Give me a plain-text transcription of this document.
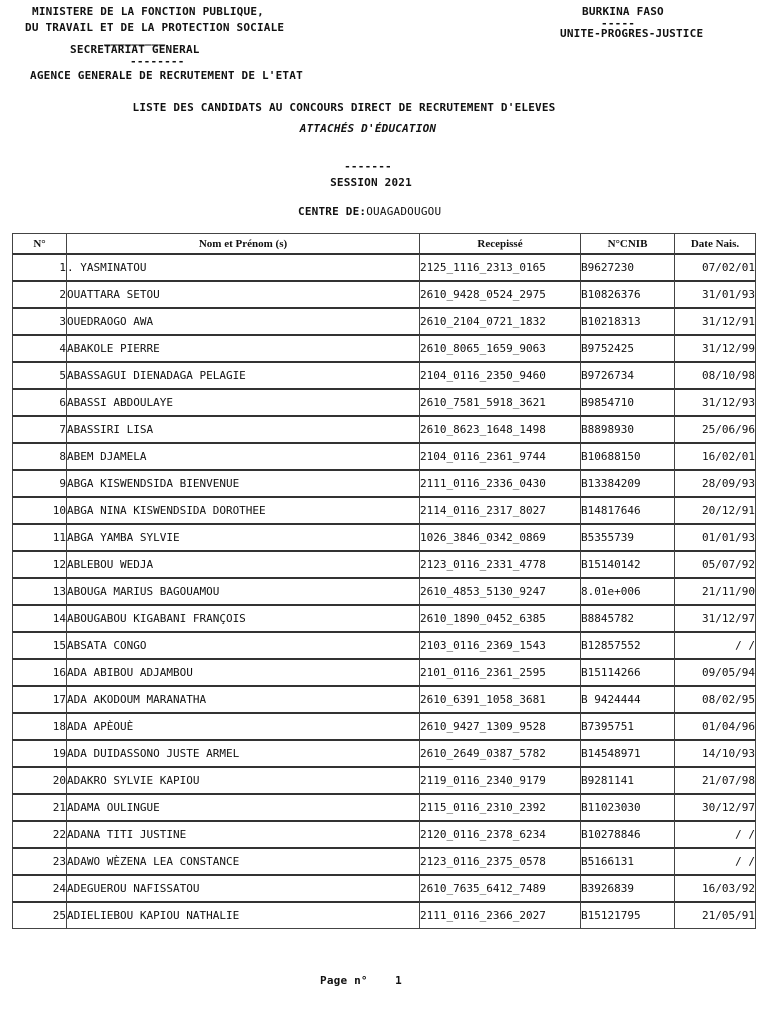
MINISTERE DE LA FONCTION PUBLIQUE,
DU TRAVAIL ET DE LA PROTECTION SOCIALE
_________
SECRETARIAT GENERAL
--------
AGENCE GENERALE DE RECRUTEMENT DE L'ETAT
BURKINA FASO
-----
UNITE-PROGRES-JUSTICE
LISTE DES CANDIDATS AU CONCOURS DIRECT DE RECRUTEMENT D'ELEVES
ATTACHÉS D'ÉDUCATION
-------
SESSION 2021
CENTRE DE:OUAGADOUGOU
N°	Nom et Prénom (s)	Recepissé	N°CNIB	Date Nais.
1	. YASMINATOU	2125_1116_2313_0165	B9627230	07/02/01
2	OUATTARA SETOU	2610_9428_0524_2975	B10826376	31/01/93
3	OUEDRAOGO AWA	2610_2104_0721_1832	B10218313	31/12/91
4	ABAKOLE PIERRE	2610_8065_1659_9063	B9752425	31/12/99
5	ABASSAGUI DIENADAGA PELAGIE	2104_0116_2350_9460	B9726734	08/10/98
6	ABASSI ABDOULAYE	2610_7581_5918_3621	B9854710	31/12/93
7	ABASSIRI LISA	2610_8623_1648_1498	B8898930	25/06/96
8	ABEM DJAMELA	2104_0116_2361_9744	B10688150	16/02/01
9	ABGA KISWENDSIDA BIENVENUE	2111_0116_2336_0430	B13384209	28/09/93
10	ABGA NINA KISWENDSIDA DOROTHEE	2114_0116_2317_8027	B14817646	20/12/91
11	ABGA YAMBA SYLVIE	1026_3846_0342_0869	B5355739	01/01/93
12	ABLEBOU WEDJA	2123_0116_2331_4778	B15140142	05/07/92
13	ABOUGA MARIUS BAGOUAMOU	2610_4853_5130_9247	8.01e+006	21/11/90
14	ABOUGABOU KIGABANI FRANÇOIS	2610_1890_0452_6385	B8845782	31/12/97
15	ABSATA CONGO	2103_0116_2369_1543	B12857552	/ /
16	ADA ABIBOU ADJAMBOU	2101_0116_2361_2595	B15114266	09/05/94
17	ADA AKODOUM MARANATHA	2610_6391_1058_3681	B 9424444	08/02/95
18	ADA APÈOUÈ	2610_9427_1309_9528	B7395751	01/04/96
19	ADA DUIDASSONO JUSTE ARMEL	2610_2649_0387_5782	B14548971	14/10/93
20	ADAKRO SYLVIE KAPIOU	2119_0116_2340_9179	B9281141	21/07/98
21	ADAMA OULINGUE	2115_0116_2310_2392	B11023030	30/12/97
22	ADANA TITI JUSTINE	2120_0116_2378_6234	B10278846	/ /
23	ADAWO WÈZENA LEA CONSTANCE	2123_0116_2375_0578	B5166131	/ /
24	ADEGUEROU NAFISSATOU	2610_7635_6412_7489	B3926839	16/03/92
25	ADIELIEBOU KAPIOU NATHALIE	2111_0116_2366_2027	B15121795	21/05/91
Page n° 1
